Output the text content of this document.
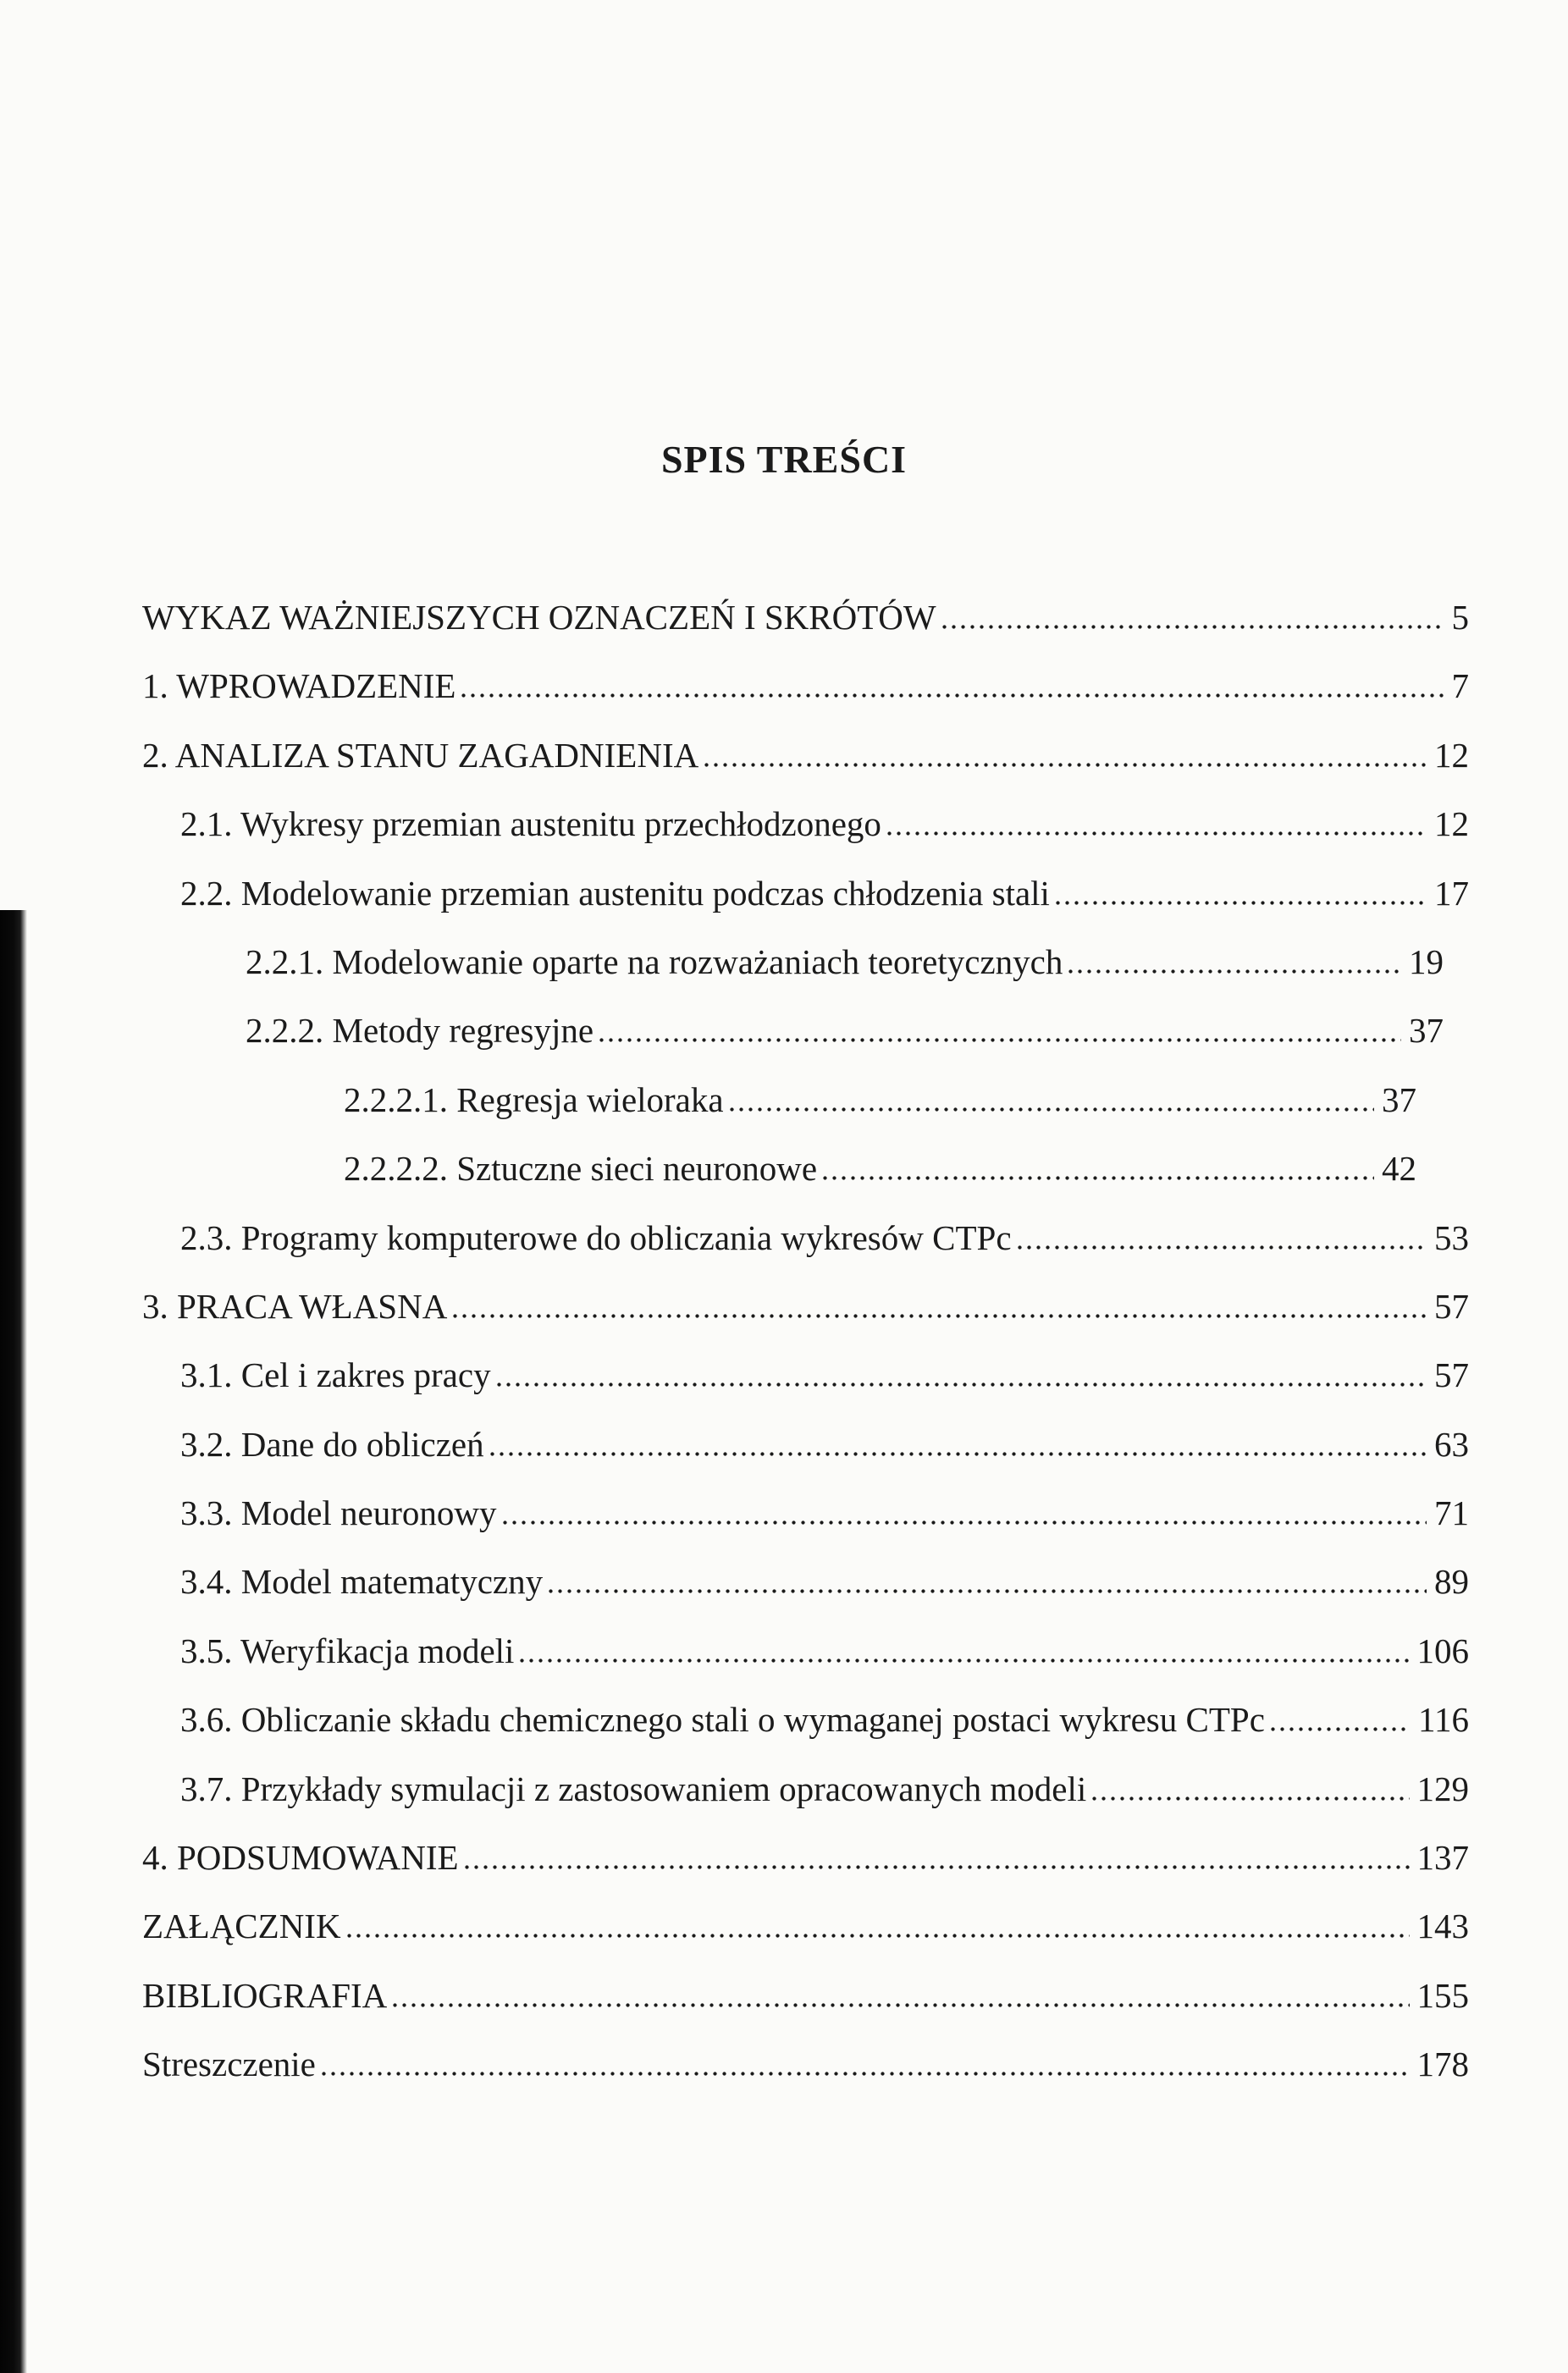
SPIS TREŚCI
WYKAZ WAŻNIEJSZYCH OZNACZEŃ I SKRÓTÓW	5
1. WPROWADZENIE	7
2. ANALIZA STANU ZAGADNIENIA	12
2.1. Wykresy przemian austenitu przechłodzonego	12
2.2. Modelowanie przemian austenitu podczas chłodzenia stali	17
2.2.1. Modelowanie oparte na rozważaniach teoretycznych	19
2.2.2. Metody regresyjne	37
2.2.2.1. Regresja wieloraka	37
2.2.2.2. Sztuczne sieci neuronowe	42
2.3. Programy komputerowe do obliczania wykresów CTPc	53
3. PRACA WŁASNA	57
3.1. Cel i zakres pracy	57
3.2. Dane do obliczeń	63
3.3. Model neuronowy	71
3.4. Model matematyczny	89
3.5. Weryfikacja modeli	106
3.6. Obliczanie składu chemicznego stali o wymaganej postaci wykresu CTPc	116
3.7. Przykłady symulacji z zastosowaniem opracowanych modeli	129
4. PODSUMOWANIE	137
ZAŁĄCZNIK	143
BIBLIOGRAFIA	155
Streszczenie	178
